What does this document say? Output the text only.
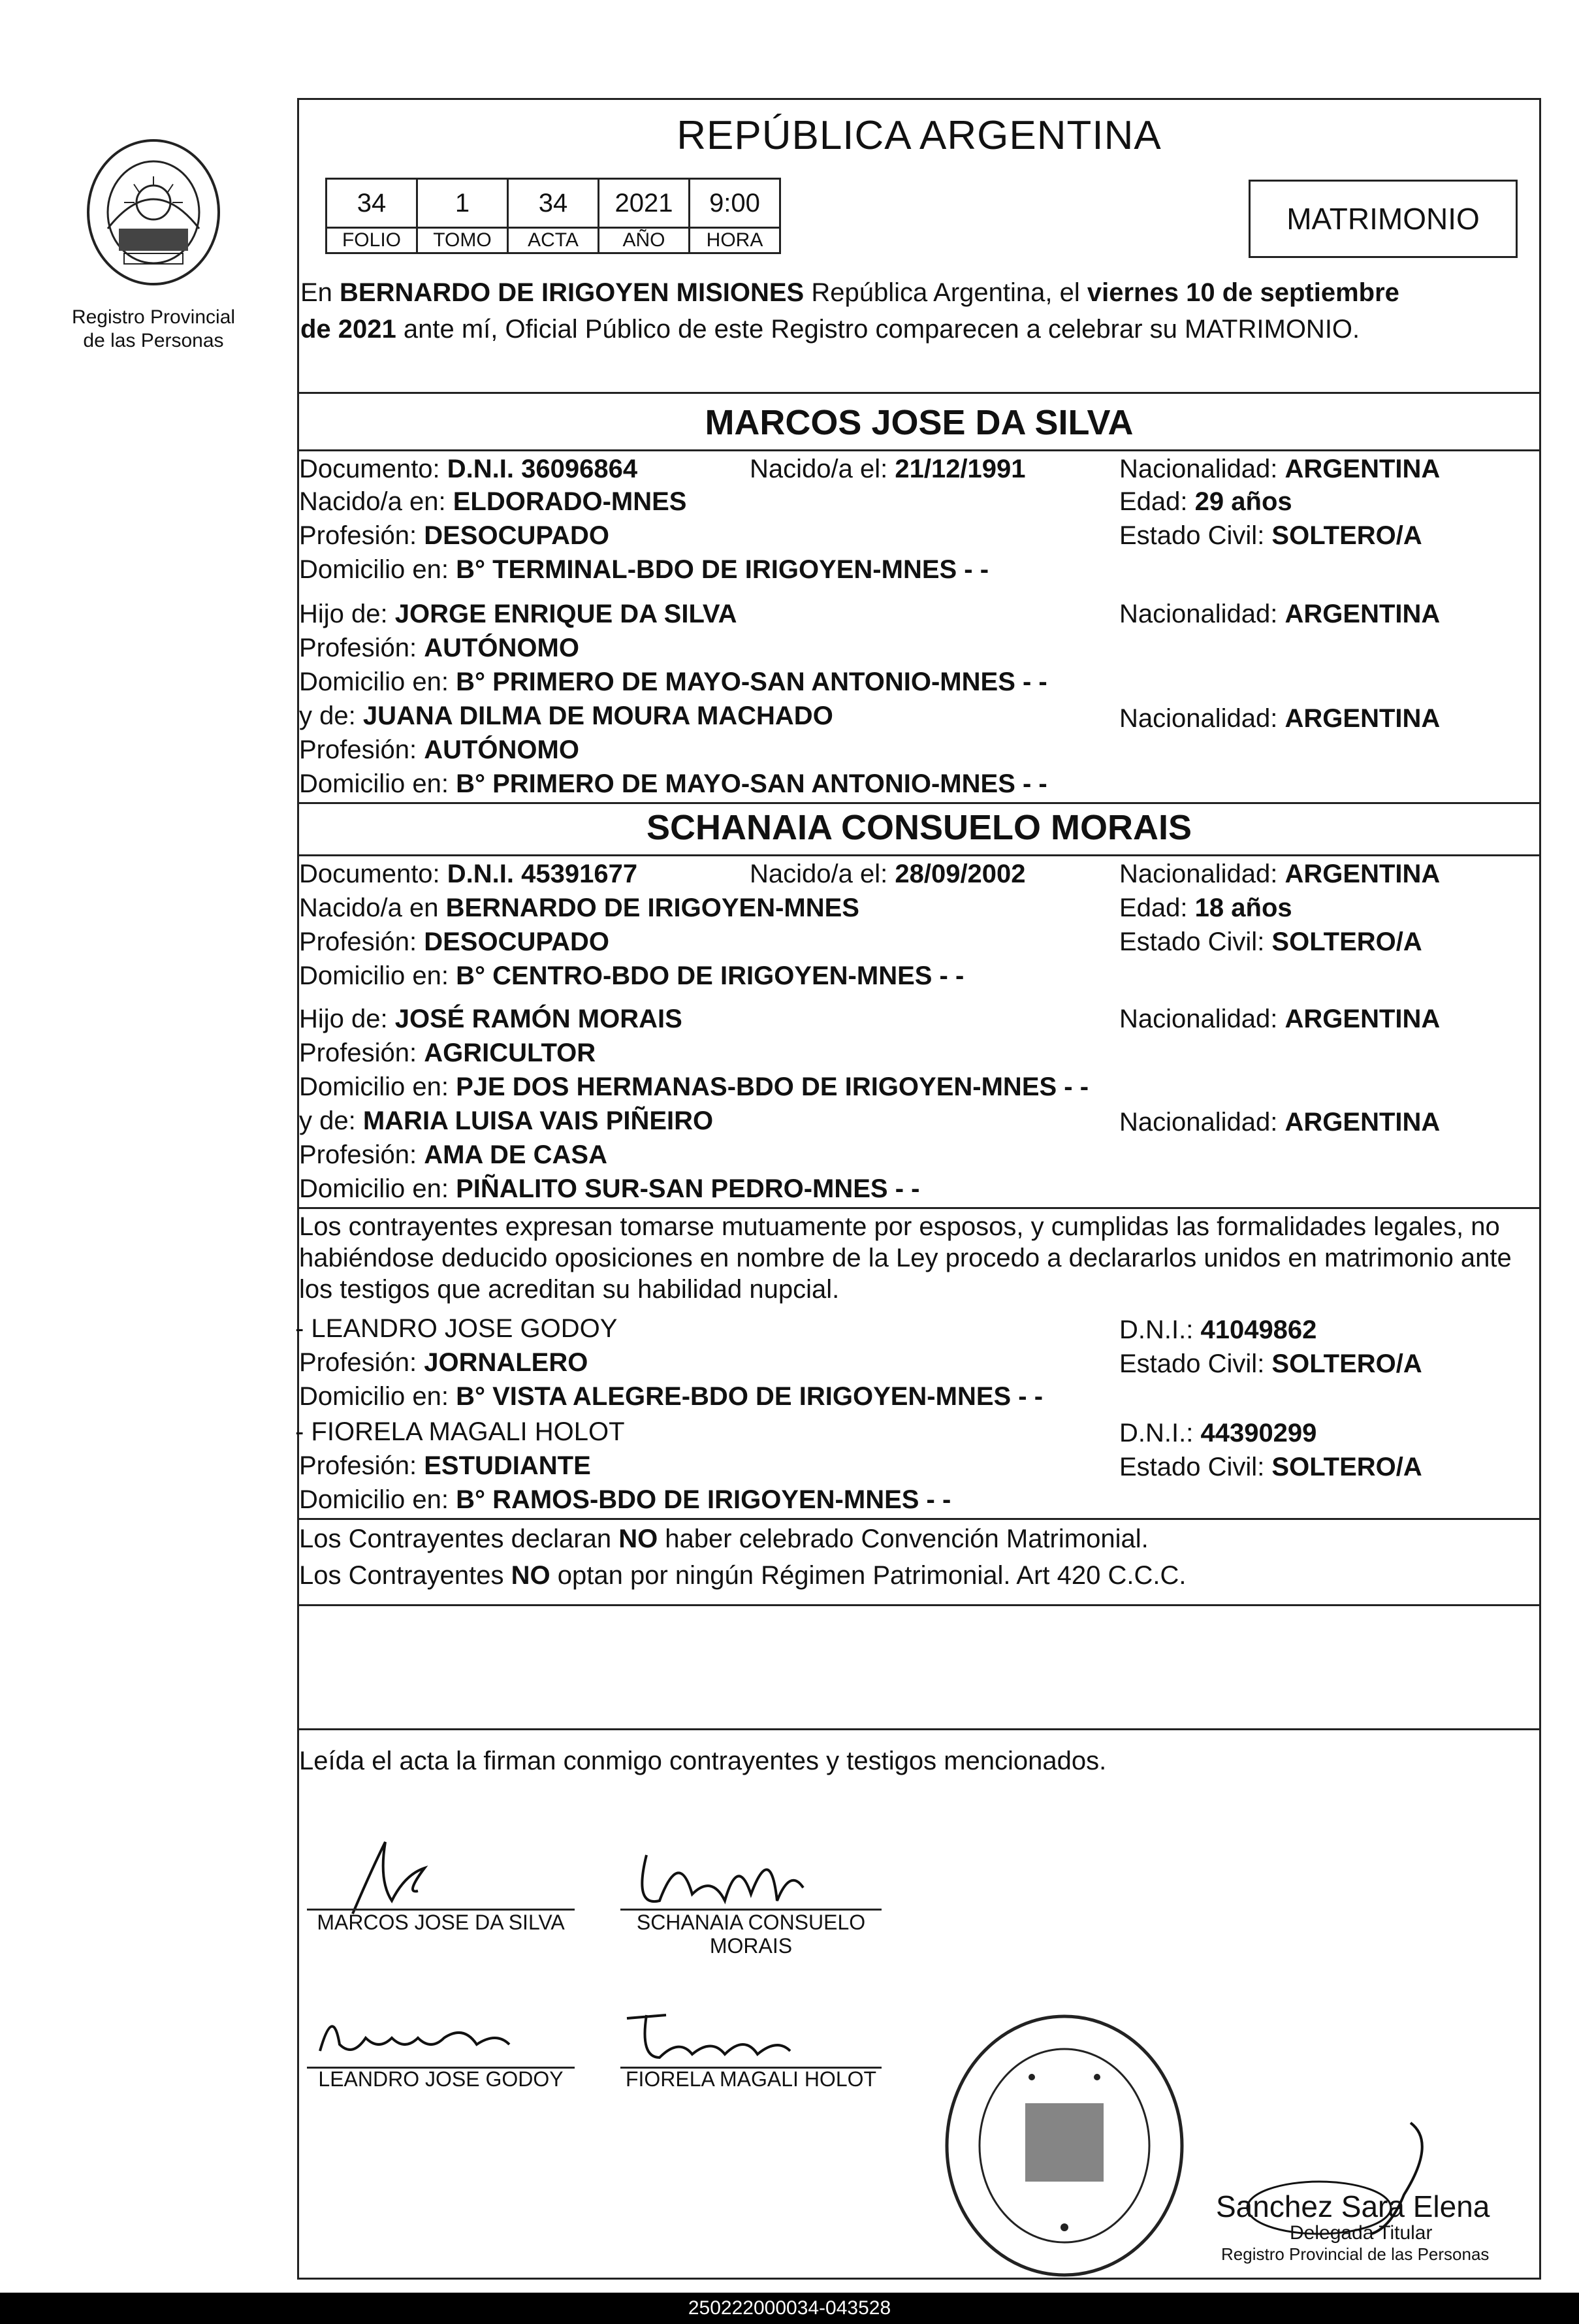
Registro Provincial
de las Personas
REPÚBLICA ARGENTINA
34	1	34	2021	9:00
FOLIO	TOMO	ACTA	AÑO	HORA
MATRIMONIO
En BERNARDO DE IRIGOYEN MISIONES República Argentina, el viernes 10 de septiembre
de 2021 ante mí, Oficial Público de este Registro comparecen a celebrar su MATRIMONIO.
MARCOS JOSE DA SILVA
Documento: D.N.I. 36096864	Nacido/a el: 21/12/1991	Nacionalidad: ARGENTINA
Nacido/a en: ELDORADO-MNES	Edad: 29 años
Profesión: DESOCUPADO	Estado Civil: SOLTERO/A
Domicilio en: B° TERMINAL-BDO DE IRIGOYEN-MNES - -
Hijo de: JORGE ENRIQUE DA SILVA	Nacionalidad: ARGENTINA
Profesión: AUTÓNOMO
Domicilio en: B° PRIMERO DE MAYO-SAN ANTONIO-MNES - -
y de: JUANA DILMA DE MOURA MACHADO	Nacionalidad: ARGENTINA
Profesión: AUTÓNOMO
Domicilio en: B° PRIMERO DE MAYO-SAN ANTONIO-MNES - -
SCHANAIA CONSUELO MORAIS
Documento: D.N.I. 45391677	Nacido/a el: 28/09/2002	Nacionalidad: ARGENTINA
Nacido/a en BERNARDO DE IRIGOYEN-MNES	Edad: 18 años
Profesión: DESOCUPADO	Estado Civil: SOLTERO/A
Domicilio en: B° CENTRO-BDO DE IRIGOYEN-MNES - -
Hijo de: JOSÉ RAMÓN MORAIS	Nacionalidad: ARGENTINA
Profesión: AGRICULTOR
Domicilio en: PJE DOS HERMANAS-BDO DE IRIGOYEN-MNES - -
y de: MARIA LUISA VAIS PIÑEIRO	Nacionalidad: ARGENTINA
Profesión: AMA DE CASA
Domicilio en: PIÑALITO SUR-SAN PEDRO-MNES - -
Los contrayentes expresan tomarse mutuamente por esposos, y cumplidas las formalidades legales, no
habiéndose deducido oposiciones en nombre de la Ley procedo a declararlos unidos en matrimonio ante
los testigos que acreditan su habilidad nupcial.
- LEANDRO JOSE GODOY	D.N.I.: 41049862
Profesión: JORNALERO	Estado Civil: SOLTERO/A
Domicilio en: B° VISTA ALEGRE-BDO DE IRIGOYEN-MNES - -
- FIORELA MAGALI HOLOT	D.N.I.: 44390299
Profesión: ESTUDIANTE	Estado Civil: SOLTERO/A
Domicilio en: B° RAMOS-BDO DE IRIGOYEN-MNES - -
Los Contrayentes declaran NO haber celebrado Convención Matrimonial.
Los Contrayentes NO optan por ningún Régimen Patrimonial. Art 420 C.C.C.
Leída el acta la firman conmigo contrayentes y testigos mencionados.
MARCOS JOSE DA SILVA	SCHANAIA CONSUELO
MORAIS
LEANDRO JOSE GODOY	FIORELA MAGALI HOLOT
Sanchez Sara Elena
Delegada Titular
Registro Provincial de las Personas
250222000034-043528
